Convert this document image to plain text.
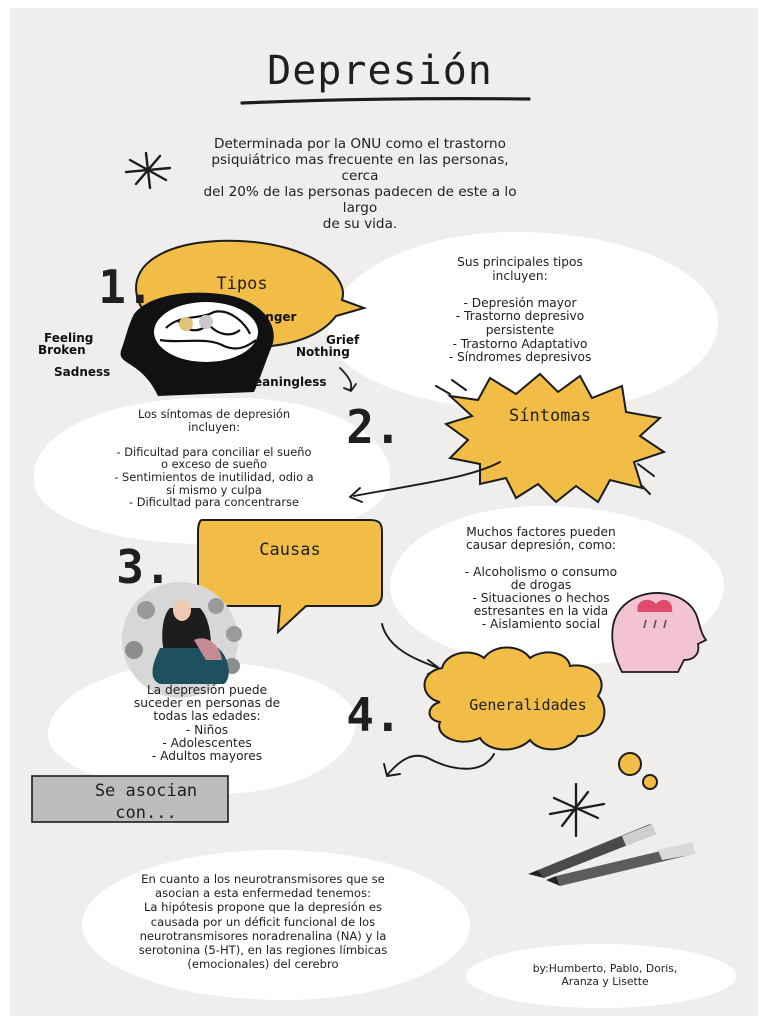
Depresión
Determinada por la ONU como el trastorno
psiquiátrico mas frecuente en las personas, cerca
del 20% de las personas padecen de este a lo largo
de su vida.
Anger
Feeling
Broken
Grief
Nothing
Sadness
Meaningless
1.
2.
3.
4.
Tipos
Síntomas
Causas
Generalidades
Sus principales tipos
incluyen:

- Depresión mayor
- Trastorno depresivo
persistente
- Trastorno Adaptativo
- Síndromes depresivos
Los síntomas de depresión
incluyen:

- Dificultad para conciliar el sueño
o exceso de sueño
- Sentimientos de inutilidad, odio a
sí mismo y culpa
- Dificultad para concentrarse
Muchos factores pueden
causar depresión, como:

- Alcoholismo o consumo
de drogas
- Situaciones o hechos
estresantes en la vida
- Aislamiento social
La depresión puede
suceder en personas de
todas las edades:
- Niños
- Adolescentes
- Adultos mayores
Se asocian
con...
En cuanto a los neurotransmisores que se
asocian a esta enfermedad tenemos:
La hipótesis propone que la depresión es
causada por un déficit funcional de los
neurotransmisores noradrenalina (NA) y la
serotonina (5-HT), en las regiones límbicas
(emocionales) del cerebro	by:Humberto, Pablo, Doris,
Aranza y Lisette
